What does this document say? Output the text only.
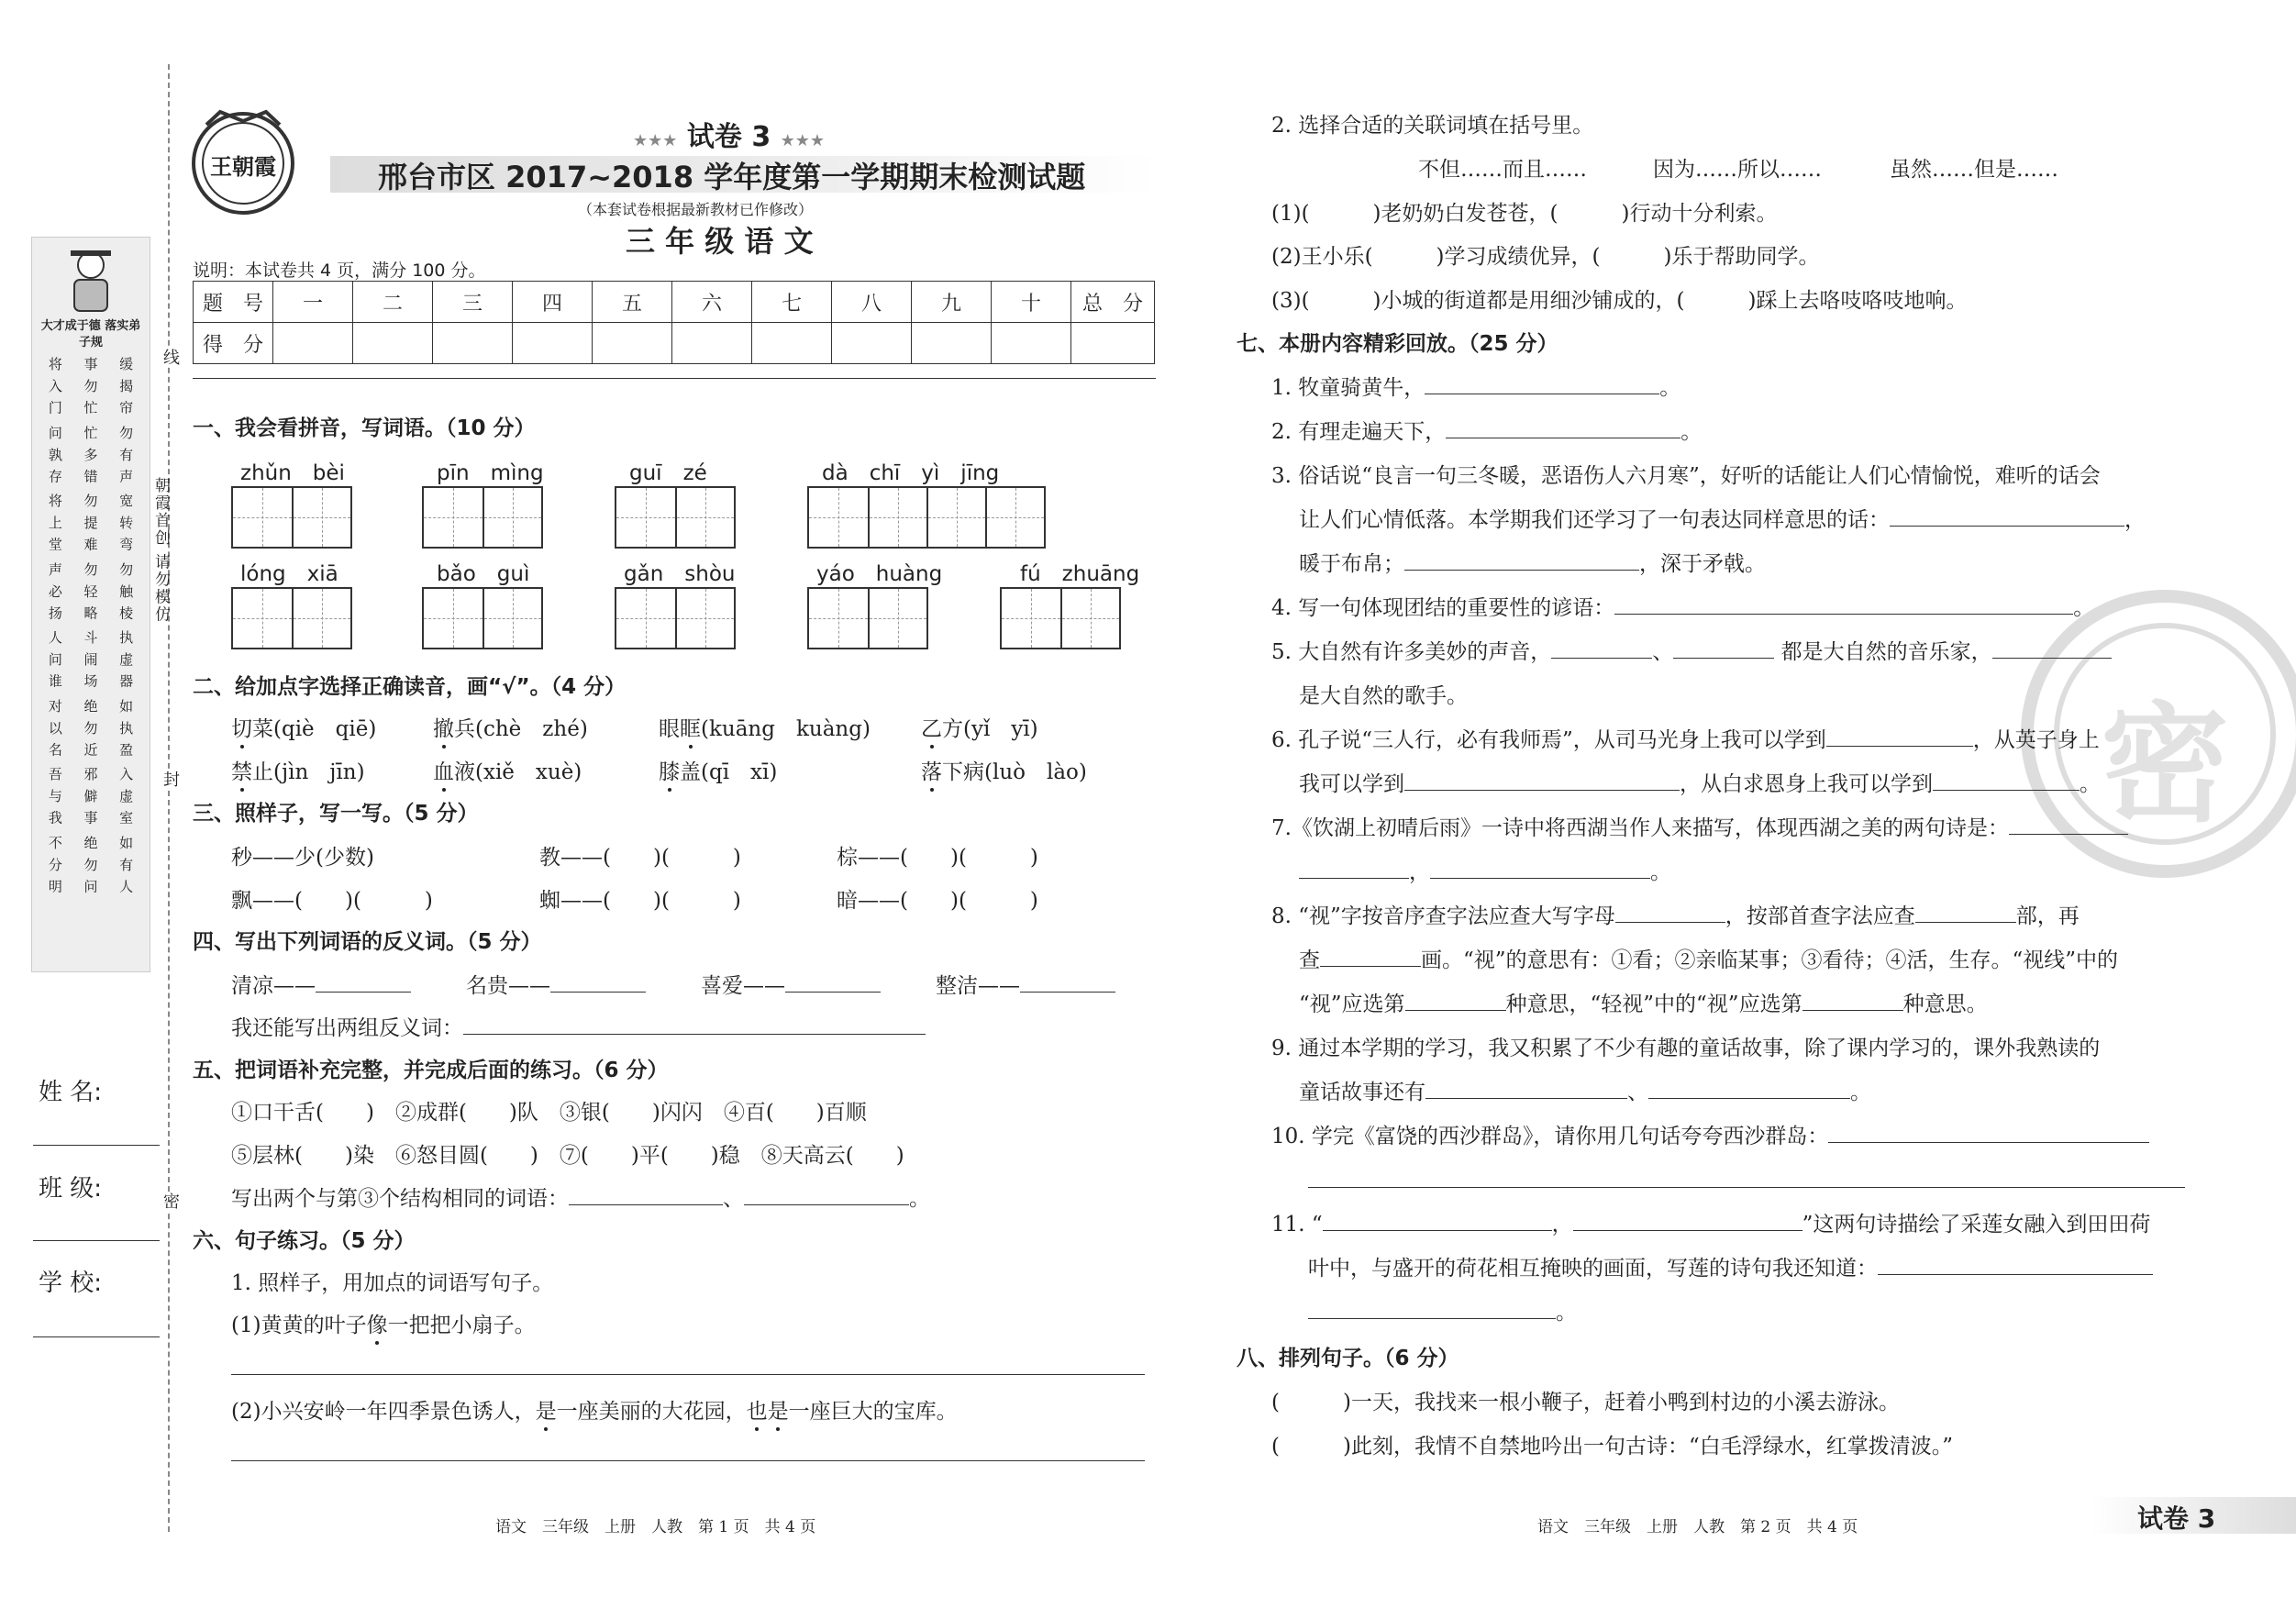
线
封
密
朝霞首创 请勿模仿
大才成于德 落实弟子规
将 入 门 事 勿 忙 缓 揭 帘
问 孰 存 忙 多 错 勿 有 声
将 上 堂 勿 提 难 宽 转 弯
声 必 扬 勿 轻 略 勿 触 棱
人 问 谁 斗 闹 场 执 虚 器
对 以 名 绝 勿 近 如 执 盈
吾 与 我 邪 僻 事 入 虚 室
不 分 明 绝 勿 问 如 有 人
姓 名:
班 级:
学 校:
王朝霞
★★★ 试卷 3 ★★★
邢台市区 2017~2018 学年度第一学期期末检测试题
（本套试卷根据最新教材已作修改）
三 年 级 语 文
说明：本试卷共 4 页，满分 100 分。
题　号	一	二	三	四	五	六	七	八	九	十	总　分
得　分											
一、我会看拼音，写词语。（10 分）
zhǔn　bèi	pīn　mìng	guī　zé	dà　chī　yì　jīng
lóng　xiā	bǎo　guì	gǎn　shòu	yáo　huàng	fú　zhuāng
二、给加点字选择正确读音，画“√”。（4 分）
切菜(qiè　qiē)	撤兵(chè　zhé)	眼眶(kuāng　kuàng) 乙方(yǐ　yī)
禁止(jìn　jīn)	血液(xiě　xuè)	膝盖(qī　xī)	落下病(luò　lào)
三、照样子，写一写。（5 分）
秒——少(少数)	教——(　　)(　　　)	棕——(　　)(　　　)
飘——(　　)(　　　)	蜘——(　　)(　　　)	暗——(　　)(　　　)
四、写出下列词语的反义词。（5 分）
清凉——	名贵——	喜爱——	整洁——
我还能写出两组反义词：
五、把词语补充完整，并完成后面的练习。（6 分）
①口干舌(　　)　②成群(　　)队　③银(　　)闪闪　④百(　　)百顺
⑤层林(　　)染　⑥怒目圆(　　)　⑦(　　)平(　　)稳　⑧天高云(　　)
写出两个与第③个结构相同的词语：	、	。
六、句子练习。（5 分）
1. 照样子，用加点的词语写句子。
(1)黄黄的叶子像一把把小扇子。
(2)小兴安岭一年四季景色诱人，是一座美丽的大花园，也是一座巨大的宝库。
语文　三年级　上册　人教　第 1 页　共 4 页
密
2. 选择合适的关联词填在括号里。
不但……而且……	因为……所以……	虽然……但是……
(1)(　　　)老奶奶白发苍苍，(　　　)行动十分利索。
(2)王小乐(　　　)学习成绩优异，(　　　)乐于帮助同学。
(3)(　　　)小城的街道都是用细沙铺成的，(　　　)踩上去咯吱咯吱地响。
七、本册内容精彩回放。（25 分）
1. 牧童骑黄牛，	。
2. 有理走遍天下，	。
3. 俗话说“良言一句三冬暖，恶语伤人六月寒”，好听的话能让人们心情愉悦，难听的话会
让人们心情低落。本学期我们还学习了一句表达同样意思的话：	，
暖于布帛；	，深于矛戟。
4. 写一句体现团结的重要性的谚语：	。
5. 大自然有许多美妙的声音，	、	都是大自然的音乐家，
是大自然的歌手。
6. 孔子说“三人行，必有我师焉”，从司马光身上我可以学到	，从英子身上
我可以学到	，从白求恩身上我可以学到	。
7.《饮湖上初晴后雨》一诗中将西湖当作人来描写，体现西湖之美的两句诗是：
，	。
8. “视”字按音序查字法应查大写字母	，按部首查字法应查	部，再
查	画。“视”的意思有：①看；②亲临某事；③看待；④活，生存。“视线”中的
“视”应选第	种意思，“轻视”中的“视”应选第	种意思。
9. 通过本学期的学习，我又积累了不少有趣的童话故事，除了课内学习的，课外我熟读的
童话故事还有	、	。
10. 学完《富饶的西沙群岛》，请你用几句话夸夸西沙群岛：
11. “	，	”这两句诗描绘了采莲女融入到田田荷
叶中，与盛开的荷花相互掩映的画面，写莲的诗句我还知道：
。
八、排列句子。（6 分）
(　　　)一天，我找来一根小鞭子，赶着小鸭到村边的小溪去游泳。
(　　　)此刻，我情不自禁地吟出一句古诗：“白毛浮绿水，红掌拨清波。”
语文　三年级　上册　人教　第 2 页　共 4 页	试卷 3
